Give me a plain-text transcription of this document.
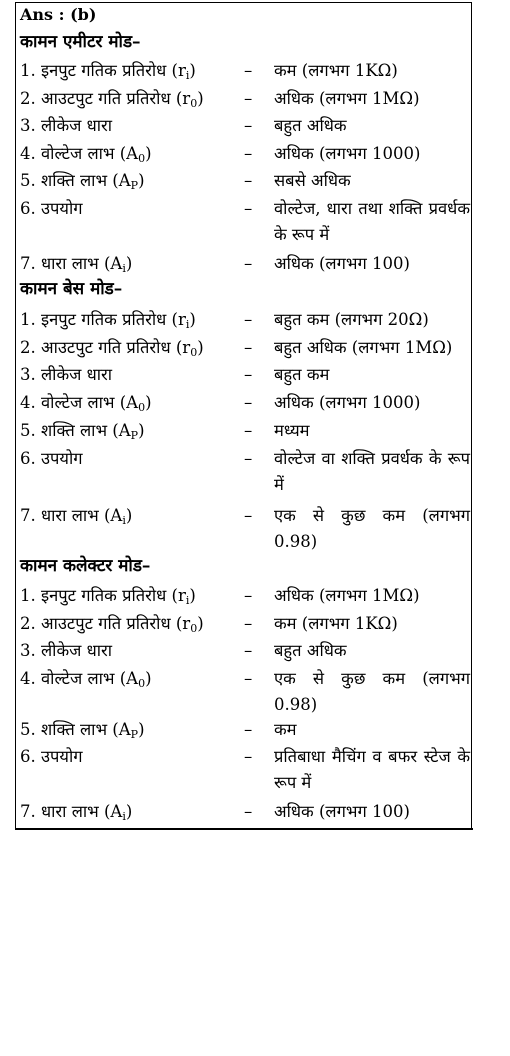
Ans : (b)
कामन एमीटर मोड–
1. इनपुट गतिक प्रतिरोध $(r_i)$	– कम (लगभग 1KΩ)
2. आउटपुट गति प्रतिरोध $(r_0)$ – अधिक (लगभग 1MΩ)
3. लीकेज धारा	– बहुत अधिक
4. वोल्टेज लाभ $(A_0)$	– अधिक (लगभग 1000)
5. शक्ति लाभ $(A_P)$	– सबसे अधिक
6. उपयोग	– वोल्टेज, धारा तथा शक्ति प्रवर्धक के रूप में
7. धारा लाभ $(A_i)$	– अधिक (लगभग 100)
कामन बेस मोड–
1. इनपुट गतिक प्रतिरोध $(r_i)$	– बहुत कम (लगभग 20Ω)
2. आउटपुट गति प्रतिरोध $(r_0)$ – बहुत अधिक (लगभग 1MΩ)
3. लीकेज धारा	– बहुत कम
4. वोल्टेज लाभ $(A_0)$	– अधिक (लगभग 1000)
5. शक्ति लाभ $(A_P)$	– मध्यम
6. उपयोग	– वोल्टेज वा शक्ति प्रवर्धक के रूप में
7. धारा लाभ $(A_i)$	– एक से कुछ कम (लगभग 0.98)
कामन कलेक्टर मोड–
1. इनपुट गतिक प्रतिरोध $(r_i)$	– अधिक (लगभग 1MΩ)
2. आउटपुट गति प्रतिरोध $(r_0)$ – कम (लगभग 1KΩ)
3. लीकेज धारा	– बहुत अधिक
4. वोल्टेज लाभ $(A_0)$	– एक से कुछ कम (लगभग 0.98)
5. शक्ति लाभ $(A_P)$	– कम
6. उपयोग	– प्रतिबाधा मैचिंग व बफर स्टेज के रूप में
7. धारा लाभ $(A_i)$	– अधिक (लगभग 100)
